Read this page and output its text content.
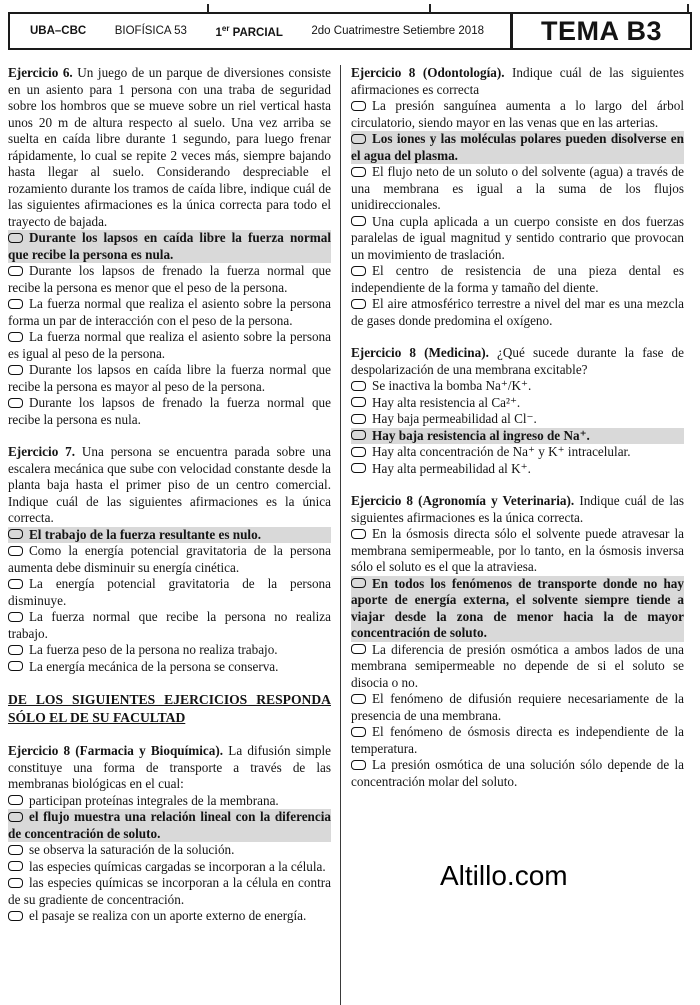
UBA–CBC BIOFÍSICA 53 1er PARCIAL 2do Cuatrimestre Setiembre 2018	TEMA B3

Ejercicio 6. Un juego de un parque de diversiones consiste en un asiento para 1 persona con una traba de seguridad sobre los hombros que se mueve sobre un riel vertical hasta unos 20 m de altura respecto al suelo. Una vez arriba se suelta en caída libre durante 1 segundo, para luego frenar rápidamente, lo cual se repite 2 veces más, siempre bajando hasta llegar al suelo. Considerando despreciable el rozamiento durante los tramos de caída libre, indique cuál de las siguientes afirmaciones es la única correcta para todo el trayecto de bajada.

Durante los lapsos en caída libre la fuerza normal que recibe la persona es nula.

Durante los lapsos de frenado la fuerza normal que recibe la persona es menor que el peso de la persona.

La fuerza normal que realiza el asiento sobre la persona forma un par de interacción con el peso de la persona.

La fuerza normal que realiza el asiento sobre la persona es igual al peso de la persona.

Durante los lapsos en caída libre la fuerza normal que recibe la persona es mayor al peso de la persona.

Durante los lapsos de frenado la fuerza normal que recibe la persona es nula.

Ejercicio 7. Una persona se encuentra parada sobre una escalera mecánica que sube con velocidad constante desde la planta baja hasta el primer piso de un centro comercial. Indique cuál de las siguientes afirmaciones es la única correcta.

El trabajo de la fuerza resultante es nulo.

Como la energía potencial gravitatoria de la persona aumenta debe disminuir su energía cinética.

La energía potencial gravitatoria de la persona disminuye.

La fuerza normal que recibe la persona no realiza trabajo.

La fuerza peso de la persona no realiza trabajo.

La energía mecánica de la persona se conserva.

DE LOS SIGUIENTES EJERCICIOS RESPONDA SÓLO EL DE SU FACULTAD

Ejercicio 8 (Farmacia y Bioquímica). La difusión simple constituye una forma de transporte a través de las membranas biológicas en el cual:

participan proteínas integrales de la membrana.

el flujo muestra una relación lineal con la diferencia de concentración de soluto.

se observa la saturación de la solución.

las especies químicas cargadas se incorporan a la célula.

las especies químicas se incorporan a la célula en contra de su gradiente de concentración.

el pasaje se realiza con un aporte externo de energía.

Ejercicio 8 (Odontología). Indique cuál de las siguientes afirmaciones es correcta

La presión sanguínea aumenta a lo largo del árbol circulatorio, siendo mayor en las venas que en las arterias.

Los iones y las moléculas polares pueden disolverse en el agua del plasma.

El flujo neto de un soluto o del solvente (agua) a través de una membrana es igual a la suma de los flujos unidireccionales.

Una cupla aplicada a un cuerpo consiste en dos fuerzas paralelas de igual magnitud y sentido contrario que provocan un movimiento de traslación.

El centro de resistencia de una pieza dental es independiente de la forma y tamaño del diente.

El aire atmosférico terrestre a nivel del mar es una mezcla de gases donde predomina el oxígeno.

Ejercicio 8 (Medicina). ¿Qué sucede durante la fase de despolarización de una membrana excitable?

Se inactiva la bomba Na⁺/K⁺.

Hay alta resistencia al Ca²⁺.

Hay baja permeabilidad al Cl⁻.

Hay baja resistencia al ingreso de Na⁺.

Hay alta concentración de Na⁺ y K⁺ intracelular.

Hay alta permeabilidad al K⁺.

Ejercicio 8 (Agronomía y Veterinaria). Indique cuál de las siguientes afirmaciones es la única correcta.

En la ósmosis directa sólo el solvente puede atravesar la membrana semipermeable, por lo tanto, en la ósmosis inversa sólo el soluto es el que la atraviesa.

En todos los fenómenos de transporte donde no hay aporte de energía externa, el solvente siempre tiende a viajar desde la zona de menor hacia la de mayor concentración de soluto.

La diferencia de presión osmótica a ambos lados de una membrana semipermeable no depende de si el soluto se disocia o no.

El fenómeno de difusión requiere necesariamente de la presencia de una membrana.

El fenómeno de ósmosis directa es independiente de la temperatura.

La presión osmótica de una solución sólo depende de la concentración molar del soluto.

Altillo.com
